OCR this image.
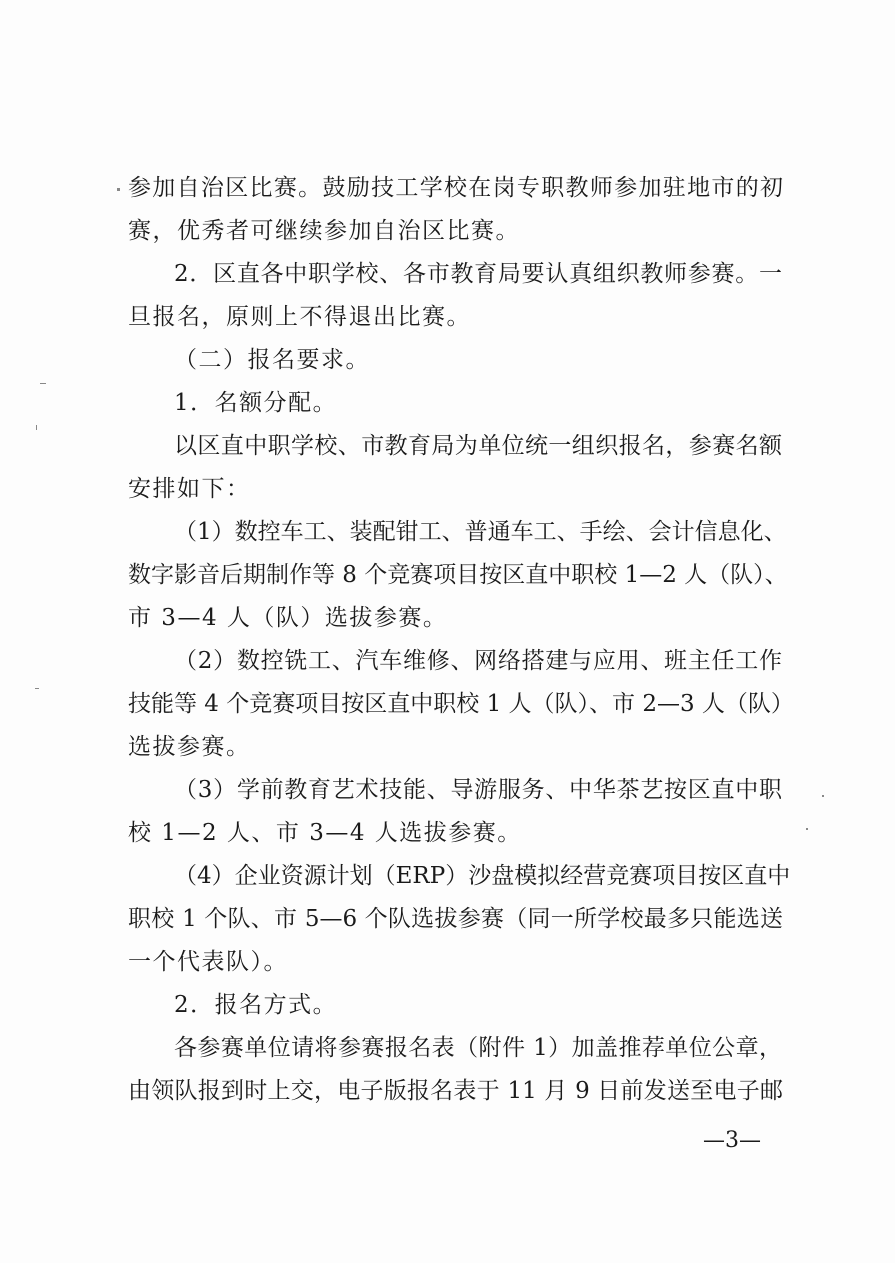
参加自治区比赛。鼓励技工学校在岗专职教师参加驻地市的初
赛，优秀者可继续参加自治区比赛。
2．区直各中职学校、各市教育局要认真组织教师参赛。一
旦报名，原则上不得退出比赛。
（二）报名要求。
1．名额分配。
以区直中职学校、市教育局为单位统一组织报名，参赛名额
安排如下：
（1）数控车工、装配钳工、普通车工、手绘、会计信息化、
数字影音后期制作等 8 个竞赛项目按区直中职校 1—2 人（队）、
市 3—4 人（队）选拔参赛。
（2）数控铣工、汽车维修、网络搭建与应用、班主任工作
技能等 4 个竞赛项目按区直中职校 1 人（队）、市 2—3 人（队）
选拔参赛。
（3）学前教育艺术技能、导游服务、中华茶艺按区直中职
校 1—2 人、市 3—4 人选拔参赛。
（4）企业资源计划（ERP）沙盘模拟经营竞赛项目按区直中
职校 1 个队、市 5—6 个队选拔参赛（同一所学校最多只能选送
一个代表队）。
2．报名方式。
各参赛单位请将参赛报名表（附件 1）加盖推荐单位公章，
由领队报到时上交，电子版报名表于 11 月 9 日前发送至电子邮
—3—
